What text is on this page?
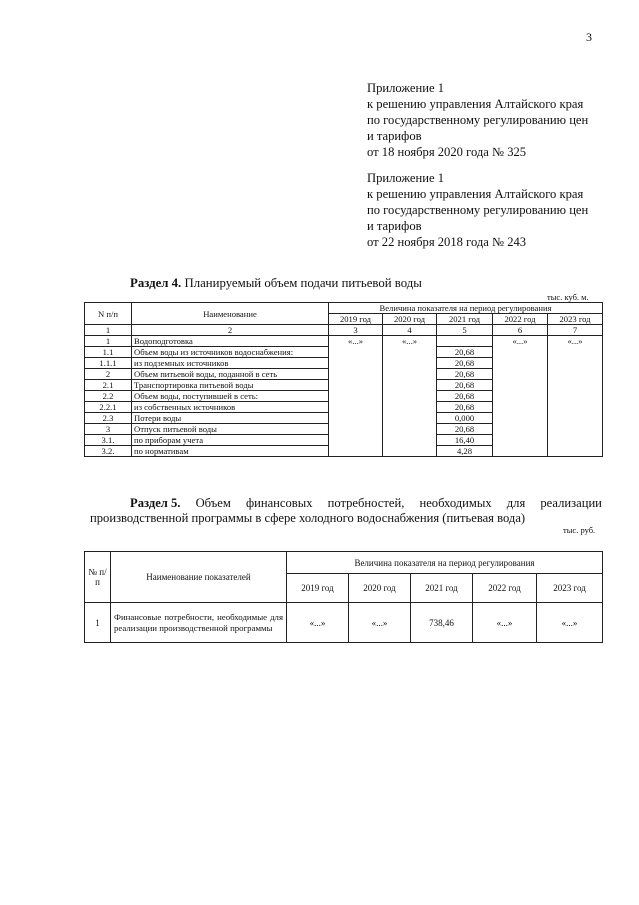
3
Приложение 1
к решению управления Алтайского края
по государственному регулированию цен
и тарифов
от 18 ноября 2020 года № 325
Приложение 1
к решению управления Алтайского края
по государственному регулированию цен
и тарифов
от 22 ноября 2018 года № 243
Раздел 4. Планируемый объем подачи питьевой воды
тыс. куб. м.
N п/п	Наименование	Величина показателя на период регулирования				
		2019 год	2020 год	2021 год	2022 год	2023 год
1	2	3	4	5	6	7
1	Водоподготовка	«...»	«...»		«...»	«...»
1.1	Объем воды из источников водоснабжения:			20,68		
1.1.1	из подземных источников			20,68		
2	Объем питьевой воды, поданной в сеть			20,68		
2.1	Транспортировка питьевой воды			20,68		
2.2	Объем воды, поступившей в сеть:			20,68		
2.2.1	из собственных источников			20,68		
2.3	Потери воды			0,000		
3	Отпуск питьевой воды			20,68		
3.1.	по приборам учета			16,40		
3.2.	по нормативам			4,28		
Раздел 5. Объем финансовых потребностей, необходимых для реализации
производственной программы в сфере холодного водоснабжения (питьевая вода)
тыс. руб.
№ п/п	Наименование показателей	Величина показателя на период регулирования				
		2019 год	2020 год	2021 год	2022 год	2023 год
1	Финансовые потребности, необходимые для реализации производственной программы	«...»	«...»	738,46	«...»	«...»
